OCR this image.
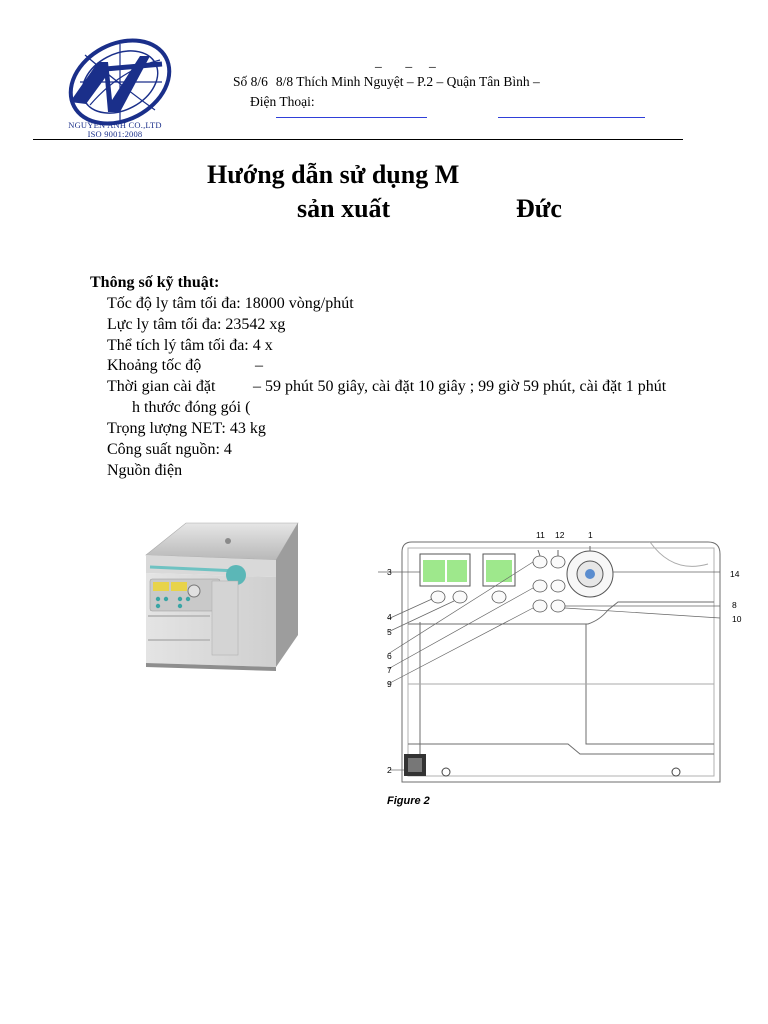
NGUYEN ANH CO.,LTD
ISO 9001:2008
_       _     _
Số 8/6 8/8 Thích Minh Nguyệt – P.2 – Quận Tân Bình –
Điện Thoại:
Hướng dẫn sử dụng M
sản xuất	Đức
Thông số kỹ thuật:
Tốc độ ly tâm tối đa: 18000 vòng/phút
Lực ly tâm tối đa: 23542 xg
Thể tích lý tâm tối đa: 4 x
Khoảng tốc độ	–
Thời gian cài đặt – 59 phút 50 giây, cài đặt 10 giây ; 99 giờ 59 phút, cài đặt 1 phút
h thước đóng gói (
Trọng lượng NET: 43 kg
Công suất nguồn: 4
Nguồn điện
11 12	1
3	14
4
5
8
10
6
7
9
2
Figure 2
